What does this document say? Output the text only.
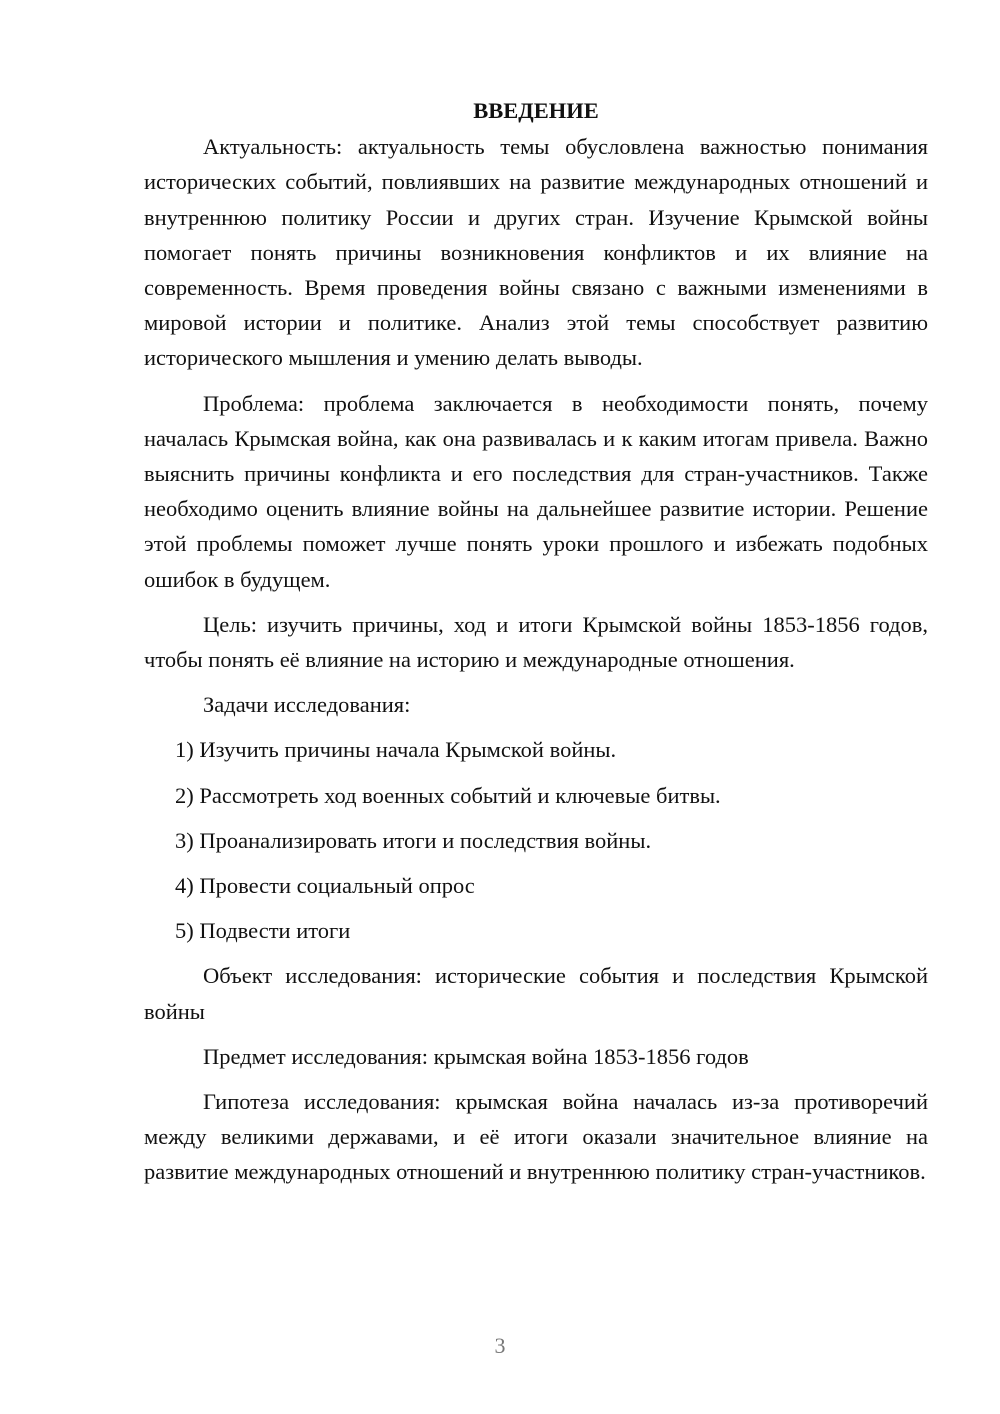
ВВЕДЕНИЕ

Актуальность: актуальность темы обусловлена важностью понимания исторических событий, повлиявших на развитие международных отношений и внутреннюю политику России и других стран. Изучение Крымской войны помогает понять причины возникновения конфликтов и их влияние на современность. Время проведения войны связано с важными изменениями в мировой истории и политике. Анализ этой темы способствует развитию исторического мышления и умению делать выводы.

Проблема: проблема заключается в необходимости понять, почему началась Крымская война, как она развивалась и к каким итогам привела. Важно выяснить причины конфликта и его последствия для стран-участников. Также необходимо оценить влияние войны на дальнейшее развитие истории. Решение этой проблемы поможет лучше понять уроки прошлого и избежать подобных ошибок в будущем.

Цель: изучить причины, ход и итоги Крымской войны 1853-1856 годов, чтобы понять её влияние на историю и международные отношения.

Задачи исследования:

1) Изучить причины начала Крымской войны.

2) Рассмотреть ход военных событий и ключевые битвы.

3) Проанализировать итоги и последствия войны.

4) Провести социальный опрос

5) Подвести итоги

Объект исследования: исторические события и последствия Крымской войны

Предмет исследования: крымская война 1853-1856 годов

Гипотеза исследования: крымская война началась из-за противоречий между великими державами, и её итоги оказали значительное влияние на развитие международных отношений и внутреннюю политику стран-участников.

3
